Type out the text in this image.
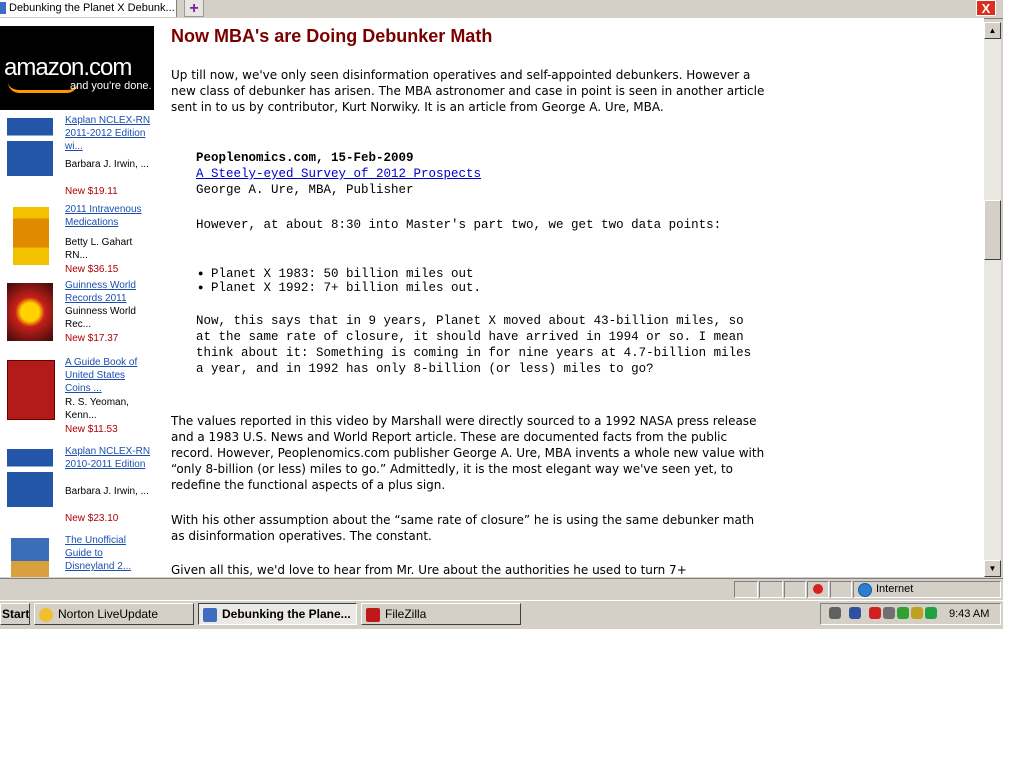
Debunking the Planet X Debunk... +	X
amazon.com
and you're done.
Kaplan NCLEX-RN 2011-2012 Edition wi...
Barbara J. Irwin, ...
New $19.11
2011 Intravenous Medications
Betty L. Gahart RN...
New $36.15
Guinness World Records 2011
Guinness World Rec...
New $17.37
A Guide Book of United States Coins ...
R. S. Yeoman, Kenn...
New $11.53
Kaplan NCLEX-RN 2010-2011 Edition
Barbara J. Irwin, ...
New $23.10
The Unofficial Guide to Disneyland 2...
Now MBA's are Doing Debunker Math
Up till now, we've only seen disinformation operatives and self-appointed debunkers. However a new class of debunker has arisen. The MBA astronomer and case in point is seen in another article sent in to us by contributor, Kurt Norwiky. It is an article from George A. Ure, MBA.
Peoplenomics.com, 15-Feb-2009
A Steely-eyed Survey of 2012 Prospects
George A. Ure, MBA, Publisher
However, at about 8:30 into Master's part two, we get two data points:
● Planet X 1983: 50 billion miles out
● Planet X 1992: 7+ billion miles out.
Now, this says that in 9 years, Planet X moved about 43-billion miles, so at the same rate of closure, it should have arrived in 1994 or so. I mean think about it: Something is coming in for nine years at 4.7-billion miles a year, and in 1992 has only 8-billion (or less) miles to go?
The values reported in this video by Marshall were directly sourced to a 1992 NASA press release and a 1983 U.S. News and World Report article. These are documented facts from the public record. However, Peoplenomics.com publisher George A. Ure, MBA invents a whole new value with “only 8-billion (or less) miles to go.” Admittedly, it is the most elegant way we've seen yet, to redefine the functional aspects of a plus sign.
With his other assumption about the “same rate of closure” he is using the same debunker math as disinformation operatives. The constant.
Given all this, we'd love to hear from Mr. Ure about the authorities he used to turn 7+
▲
▼
Internet
Start	Norton LiveUpdate	Debunking the Plane...	FileZilla	9:43 AM
